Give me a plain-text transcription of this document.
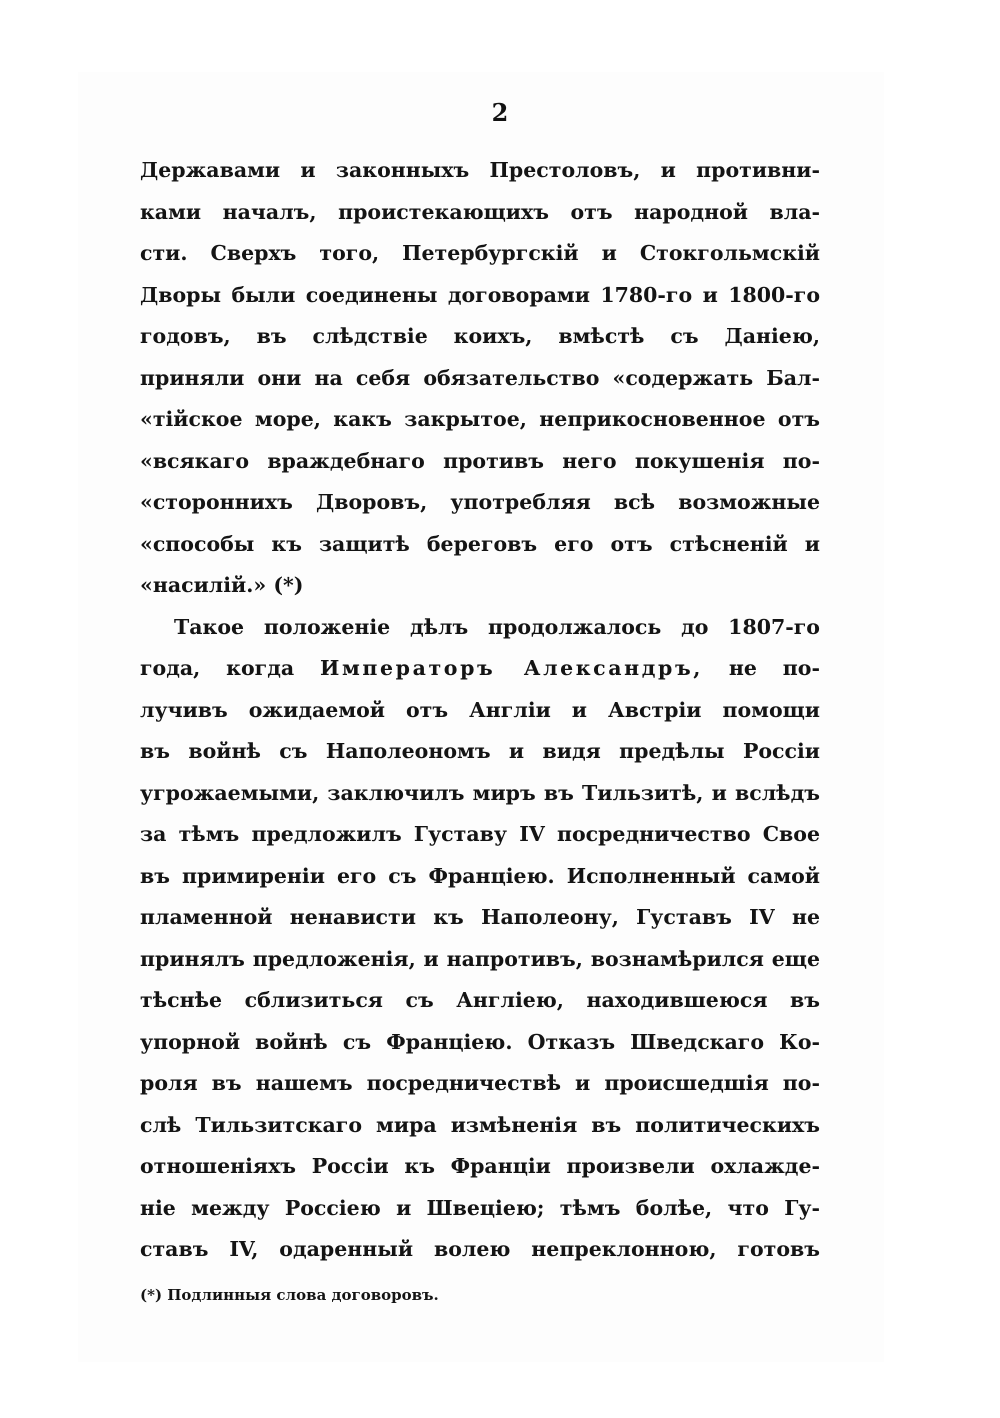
2
Державами и законныхъ Престоловъ, и противни-
ками началъ, проистекающихъ отъ народной вла-
сти. Сверхъ того, Петербургскій и Стокгольмскій
Дворы были соединены договорами 1780-го и 1800-го
годовъ, въ слѣдствіе коихъ, вмѣстѣ съ Даніею,
приняли они на себя обязательство «содержать Бал-
«тійское море, какъ закрытое, неприкосновенное отъ
«всякаго враждебнаго противъ него покушенія по-
«стороннихъ Дворовъ, употребляя всѣ возможные
«способы къ защитѣ береговъ его отъ стѣсненій и
«насилій.» (*)
Такое положеніе дѣлъ продолжалось до 1807-го
года, когда Императоръ Александръ, не по-
лучивъ ожидаемой отъ Англіи и Австріи помощи
въ войнѣ съ Наполеономъ и видя предѣлы Россіи
угрожаемыми, заключилъ миръ въ Тильзитѣ, и вслѣдъ
за тѣмъ предложилъ Густаву IV посредничество Свое
въ примиреніи его съ Франціею. Исполненный самой
пламенной ненависти къ Наполеону, Густавъ IV не
принялъ предложенія, и напротивъ, вознамѣрился еще
тѣснѣе сблизиться съ Англіею, находившеюся въ
упорной войнѣ съ Франціею. Отказъ Шведскаго Ко-
роля въ нашемъ посредничествѣ и происшедшія по-
слѣ Тильзитскаго мира измѣненія въ политическихъ
отношеніяхъ Россіи къ Франціи произвели охлажде-
ніе между Россіею и Швеціею; тѣмъ болѣе, что Гу-
ставъ IV, одаренный волею непреклонною, готовъ
(*) Подлинныя слова договоровъ.
